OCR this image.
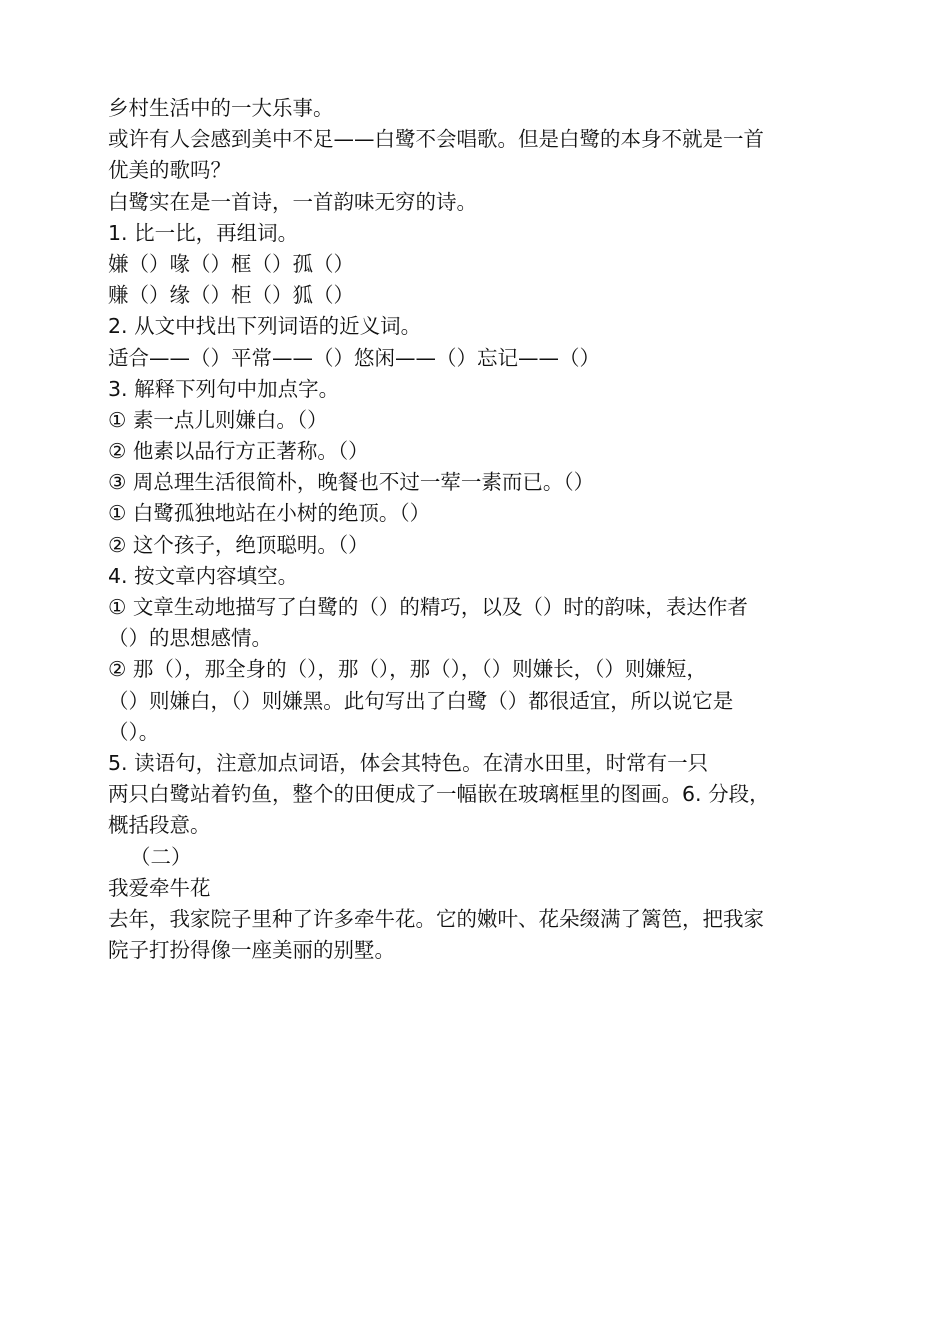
乡村生活中的一大乐事。
或许有人会感到美中不足——白鹭不会唱歌。但是白鹭的本身不就是一首
优美的歌吗？
白鹭实在是一首诗，一首韵味无穷的诗。
1. 比一比，再组词。
嫌（）喙（）框（）孤（）
赚（）缘（）柜（）狐（）
2. 从文中找出下列词语的近义词。
适合——（）平常——（）悠闲——（）忘记——（）
3. 解释下列句中加点字。
① 素一点儿则嫌白。（）
② 他素以品行方正著称。（）
③ 周总理生活很简朴，晚餐也不过一荤一素而已。（）
① 白鹭孤独地站在小树的绝顶。（）
② 这个孩子，绝顶聪明。（）
4. 按文章内容填空。
① 文章生动地描写了白鹭的（）的精巧，以及（）时的韵味，表达作者
（）的思想感情。
② 那（），那全身的（），那（），那（），（）则嫌长，（）则嫌短，
（）则嫌白，（）则嫌黑。此句写出了白鹭（）都很适宜，所以说它是
（）。
5. 读语句，注意加点词语，体会其特色。在清水田里，时常有一只
两只白鹭站着钓鱼，整个的田便成了一幅嵌在玻璃框里的图画。6. 分段，
概括段意。
（二）
我爱牵牛花
去年，我家院子里种了许多牵牛花。它的嫩叶、花朵缀满了篱笆，把我家
院子打扮得像一座美丽的别墅。
